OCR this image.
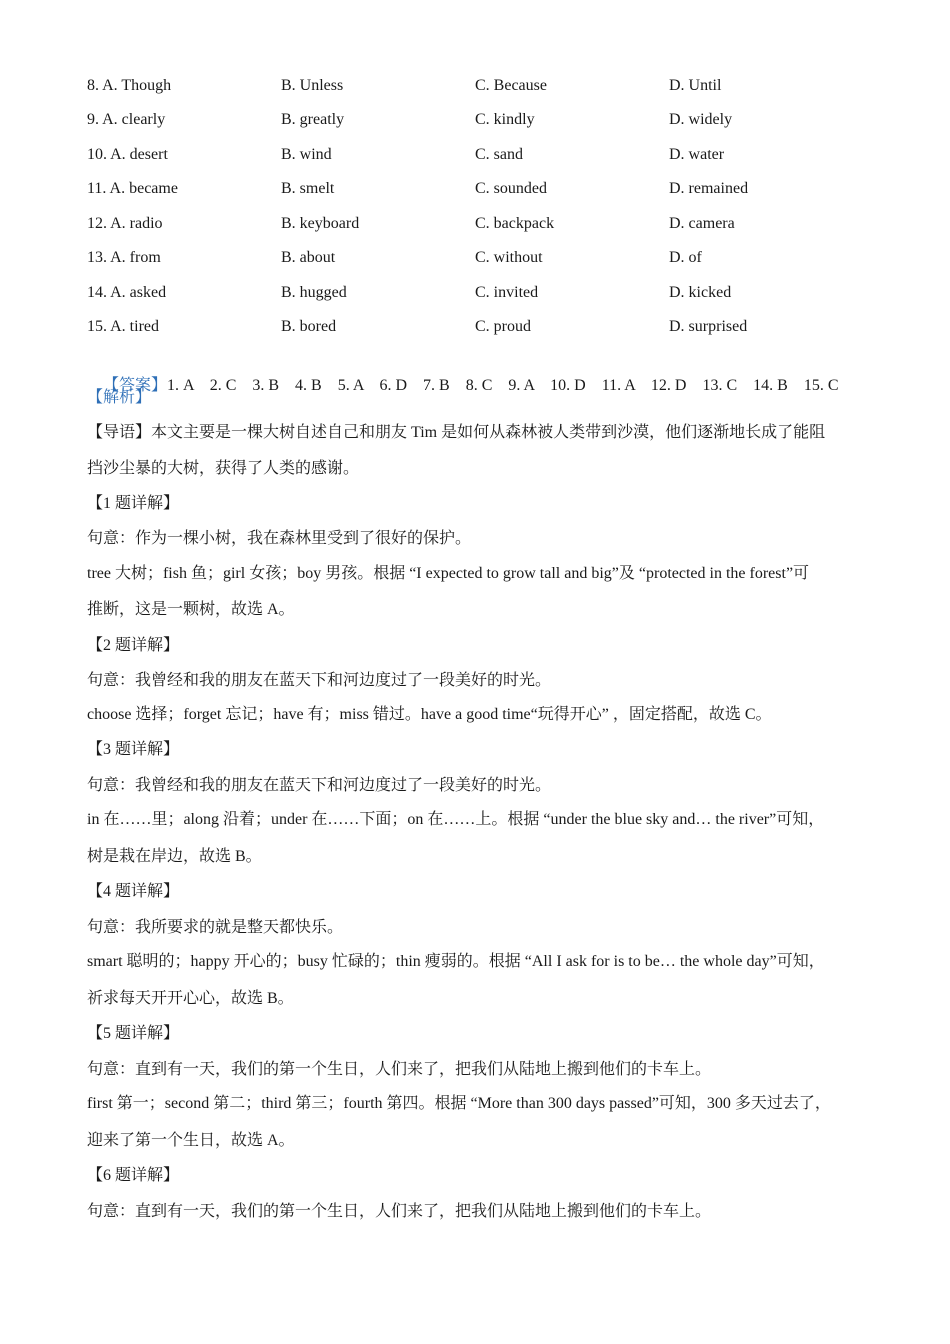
8. A. Though	B. Unless	C. Because	D. Until
9. A. clearly	B. greatly	C. kindly	D. widely
10. A. desert	B. wind	C. sand	D. water
11. A. became	B. smelt	C. sounded	D. remained
12. A. radio	B. keyboard	C. backpack	D. camera
13. A. from	B. about	C. without	D. of
14. A. asked	B. hugged	C. invited	D. kicked
15. A. tired	B. bored	C. proud	D. surprised

【答案】1. A    2. C    3. B    4. B    5. A    6. D    7. B    8. C    9. A    10. D    11. A    12. D    13. C    14. B    15. C

【解析】
【导语】本文主要是一棵大树自述自己和朋友 Tim 是如何从森林被人类带到沙漠，他们逐渐地长成了能阻
挡沙尘暴的大树，获得了人类的感谢。
【1 题详解】
句意：作为一棵小树，我在森林里受到了很好的保护。
tree 大树；fish 鱼；girl 女孩；boy 男孩。根据 “I expected to grow tall and big”及 “protected in the forest”可
推断，这是一颗树，故选 A。
【2 题详解】
句意：我曾经和我的朋友在蓝天下和河边度过了一段美好的时光。
choose 选择；forget 忘记；have 有；miss 错过。have a good time“玩得开心” ，固定搭配，故选 C。
【3 题详解】
句意：我曾经和我的朋友在蓝天下和河边度过了一段美好的时光。
in 在……里；along 沿着；under 在……下面；on 在……上。根据 “under the blue sky and… the river”可知，
树是栽在岸边，故选 B。
【4 题详解】
句意：我所要求的就是整天都快乐。
smart 聪明的；happy 开心的；busy 忙碌的；thin 瘦弱的。根据 “All I ask for is to be… the whole day”可知，
祈求每天开开心心，故选 B。
【5 题详解】
句意：直到有一天，我们的第一个生日，人们来了，把我们从陆地上搬到他们的卡车上。
first 第一；second 第二；third 第三；fourth 第四。根据 “More than 300 days passed”可知，300 多天过去了，
迎来了第一个生日，故选 A。
【6 题详解】
句意：直到有一天，我们的第一个生日，人们来了，把我们从陆地上搬到他们的卡车上。
